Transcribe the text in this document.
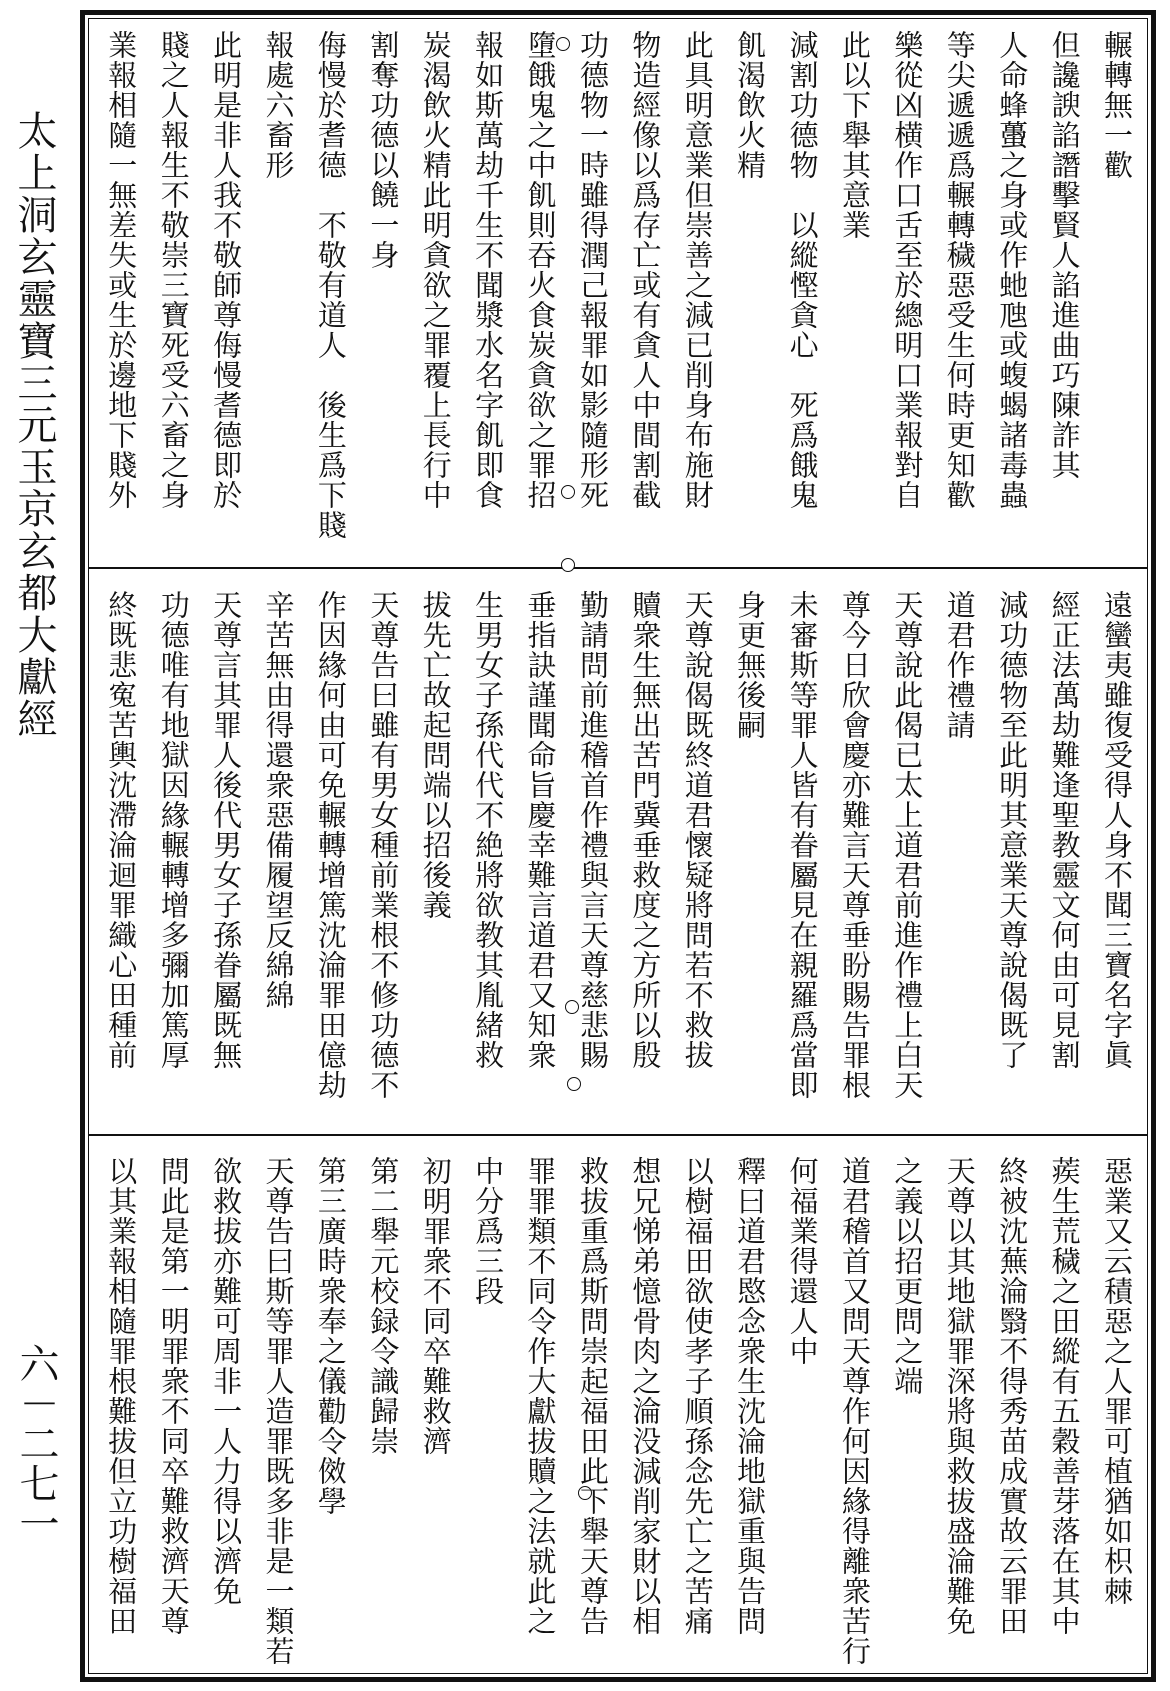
太上洞玄靈寶三元玉京玄都大獻經
六－二七一
輾轉無一歡
但讒諛諂譖擊賢人諂進曲巧陳詐其
人命蜂蠆之身或作虵虺或蝮蝎諸毒蟲
等尖遞遞爲輾轉穢惡受生何時更知歡
樂從凶横作口舌至於總明口業報對自
此以下舉其意業
減割功德物　以縱慳貪心　死爲餓鬼
飢渴飲火精
此具明意業但崇善之減已削身布施財
物造經像以爲存亡或有貪人中間割截
功德物一時雖得潤己報罪如影隨形死
墮餓鬼之中飢則吞火食炭貪欲之罪招
報如斯萬劫千生不聞漿水名字飢即食
炭渴飲火精此明貪欲之罪覆上長行中
割奪功德以饒一身
侮慢於耆德　不敬有道人　後生爲下賤
報處六畜形
此明是非人我不敬師尊侮慢耆德即於
賤之人報生不敬崇三寶死受六畜之身
業報相隨一無差失或生於邊地下賤外
遠蠻夷雖復受得人身不聞三寶名字眞
經正法萬劫難逢聖教靈文何由可見割
減功德物至此明其意業天尊說偈既了
道君作禮請
天尊說此偈已太上道君前進作禮上白天
尊今日欣會慶亦難言天尊垂盼賜告罪根
未審斯等罪人皆有眷屬見在親羅爲當即
身更無後嗣
天尊說偈既終道君懷疑將問若不救拔
贖衆生無出苦門冀垂救度之方所以殷
勤請問前進稽首作禮與言天尊慈悲賜
垂指訣謹聞命旨慶幸難言道君又知衆
生男女子孫代代不絶將欲教其胤緒救
拔先亡故起問端以招後義
天尊告曰雖有男女種前業根不修功德不
作因緣何由可免輾轉增篤沈淪罪田億劫
辛苦無由得還衆惡備履望反綿綿
天尊言其罪人後代男女子孫眷屬既無
功德唯有地獄因緣輾轉增多彌加篤厚
終既悲寃苦輿沈滯淪迴罪織心田種前
惡業又云積惡之人罪可植猶如枳棘
蒺生荒穢之田縱有五穀善芽落在其中
終被沈蕪淪翳不得秀苗成實故云罪田
天尊以其地獄罪深將與救拔盛淪難免
之義以招更問之端
道君稽首又問天尊作何因緣得離衆苦行
何福業得還人中
釋曰道君愍念衆生沈淪地獄重與告問
以樹福田欲使孝子順孫念先亡之苦痛
想兄悌弟憶骨肉之淪没減削家財以相
救拔重爲斯問崇起福田此下舉天尊告
罪罪類不同令作大獻拔贖之法就此之
中分爲三段
初明罪衆不同卒難救濟
第二舉元校録令識歸崇
第三廣時衆奉之儀勸令傚學
天尊告曰斯等罪人造罪既多非是一類若
欲救拔亦難可周非一人力得以濟免
問此是第一明罪衆不同卒難救濟天尊
以其業報相隨罪根難拔但立功樹福田
